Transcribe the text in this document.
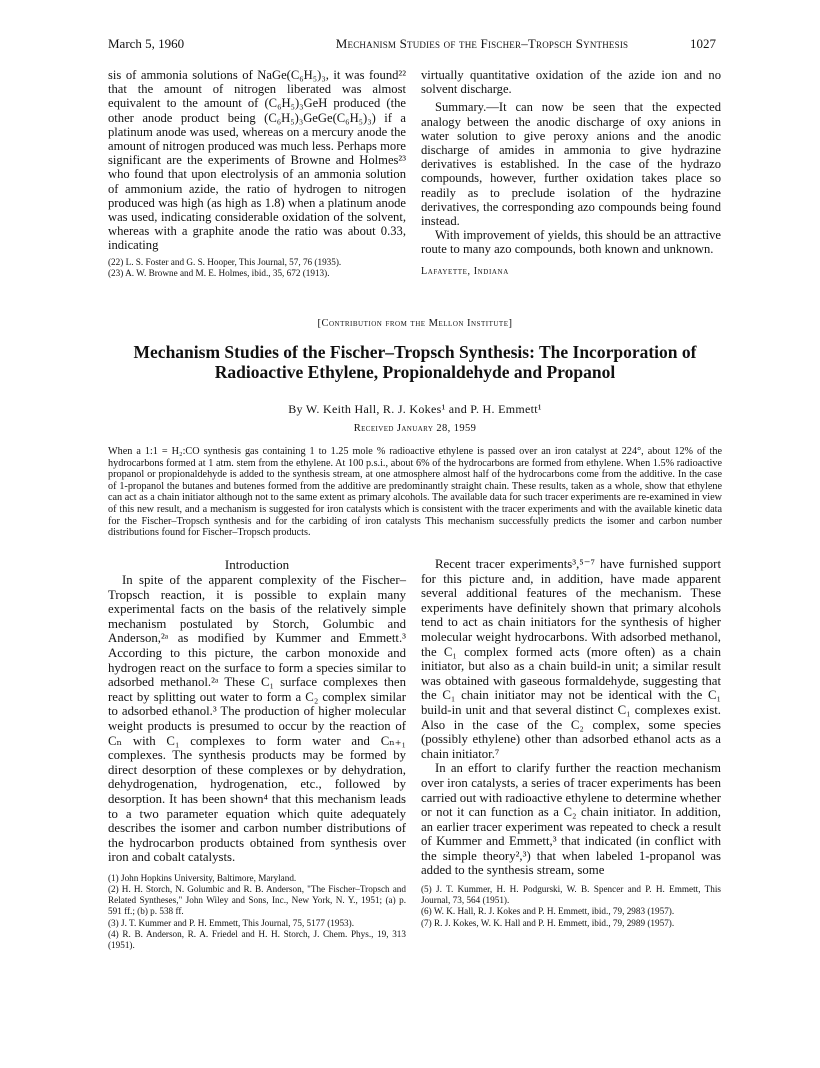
March 5, 1960	Mechanism Studies of the Fischer–Tropsch Synthesis	1027

sis of ammonia solutions of NaGe(C₆H₅)₃, it was found²² that the amount of nitrogen liberated was almost equivalent to the amount of (C₆H₅)₃GeH produced (the other anode product being (C₆H₅)₃GeGe(C₆H₅)₃) if a platinum anode was used, whereas on a mercury anode the amount of nitrogen produced was much less. Perhaps more significant are the experiments of Browne and Holmes²³ who found that upon electrolysis of an ammonia solution of ammonium azide, the ratio of hydrogen to nitrogen produced was high (as high as 1.8) when a platinum anode was used, indicating considerable oxidation of the solvent, whereas with a graphite anode the ratio was about 0.33, indicating

(22) L. S. Foster and G. S. Hooper, This Journal, 57, 76 (1935).

(23) A. W. Browne and M. E. Holmes, ibid., 35, 672 (1913).

virtually quantitative oxidation of the azide ion and no solvent discharge.

Summary.—It can now be seen that the expected analogy between the anodic discharge of oxy anions in water solution to give peroxy anions and the anodic discharge of amides in ammonia to give hydrazine derivatives is established. In the case of the hydrazo compounds, however, further oxidation takes place so readily as to preclude isolation of the hydrazine derivatives, the corresponding azo compounds being found instead.

With improvement of yields, this should be an attractive route to many azo compounds, both known and unknown.

Lafayette, Indiana
[Contribution from the Mellon Institute]
Mechanism Studies of the Fischer–Tropsch Synthesis: The Incorporation of Radioactive Ethylene, Propionaldehyde and Propanol
By W. Keith Hall, R. J. Kokes¹ and P. H. Emmett¹
Received January 28, 1959
When a 1:1 = H₂:CO synthesis gas containing 1 to 1.25 mole % radioactive ethylene is passed over an iron catalyst at 224°, about 12% of the hydrocarbons formed at 1 atm. stem from the ethylene. At 100 p.s.i., about 6% of the hydrocarbons are formed from ethylene. When 1.5% radioactive propanol or propionaldehyde is added to the synthesis stream, at one atmosphere almost half of the hydrocarbons come from the additive. In the case of 1-propanol the butanes and butenes formed from the additive are predominantly straight chain. These results, taken as a whole, show that ethylene can act as a chain initiator although not to the same extent as primary alcohols. The available data for such tracer experiments are re-examined in view of this new result, and a mechanism is suggested for iron catalysts which is consistent with the tracer experiments and with the available kinetic data for the Fischer–Tropsch synthesis and for the carbiding of iron catalysts This mechanism successfully predicts the isomer and carbon number distributions found for Fischer–Tropsch products.
Introduction

In spite of the apparent complexity of the Fischer–Tropsch reaction, it is possible to explain many experimental facts on the basis of the relatively simple mechanism postulated by Storch, Golumbic and Anderson,²ᵃ as modified by Kummer and Emmett.³ According to this picture, the carbon monoxide and hydrogen react on the surface to form a species similar to adsorbed methanol.²ᵃ These C₁ surface complexes then react by splitting out water to form a C₂ complex similar to adsorbed ethanol.³ The production of higher molecular weight products is presumed to occur by the reaction of Cₙ with C₁ complexes to form water and Cₙ₊₁ complexes. The synthesis products may be formed by direct desorption of these complexes or by dehydration, dehydrogenation, hydrogenation, etc., followed by desorption. It has been shown⁴ that this mechanism leads to a two parameter equation which quite adequately describes the isomer and carbon number distributions of the hydrocarbon products obtained from synthesis over iron and cobalt catalysts.

(1) John Hopkins University, Baltimore, Maryland.

(2) H. H. Storch, N. Golumbic and R. B. Anderson, "The Fischer–Tropsch and Related Syntheses," John Wiley and Sons, Inc., New York, N. Y., 1951; (a) p. 591 ff.; (b) p. 538 ff.

(3) J. T. Kummer and P. H. Emmett, This Journal, 75, 5177 (1953).

(4) R. B. Anderson, R. A. Friedel and H. H. Storch, J. Chem. Phys., 19, 313 (1951).

Recent tracer experiments³,⁵⁻⁷ have furnished support for this picture and, in addition, have made apparent several additional features of the mechanism. These experiments have definitely shown that primary alcohols tend to act as chain initiators for the synthesis of higher molecular weight hydrocarbons. With adsorbed methanol, the C₁ complex formed acts (more often) as a chain initiator, but also as a chain build-in unit; a similar result was obtained with gaseous formaldehyde, suggesting that the C₁ chain initiator may not be identical with the C₁ build-in unit and that several distinct C₁ complexes exist. Also in the case of the C₂ complex, some species (possibly ethylene) other than adsorbed ethanol acts as a chain initiator.⁷

In an effort to clarify further the reaction mechanism over iron catalysts, a series of tracer experiments has been carried out with radioactive ethylene to determine whether or not it can function as a C₂ chain initiator. In addition, an earlier tracer experiment was repeated to check a result of Kummer and Emmett,³ that indicated (in conflict with the simple theory²,³) that when labeled 1-propanol was added to the synthesis stream, some

(5) J. T. Kummer, H. H. Podgurski, W. B. Spencer and P. H. Emmett, This Journal, 73, 564 (1951).

(6) W. K. Hall, R. J. Kokes and P. H. Emmett, ibid., 79, 2983 (1957).

(7) R. J. Kokes, W. K. Hall and P. H. Emmett, ibid., 79, 2989 (1957).
